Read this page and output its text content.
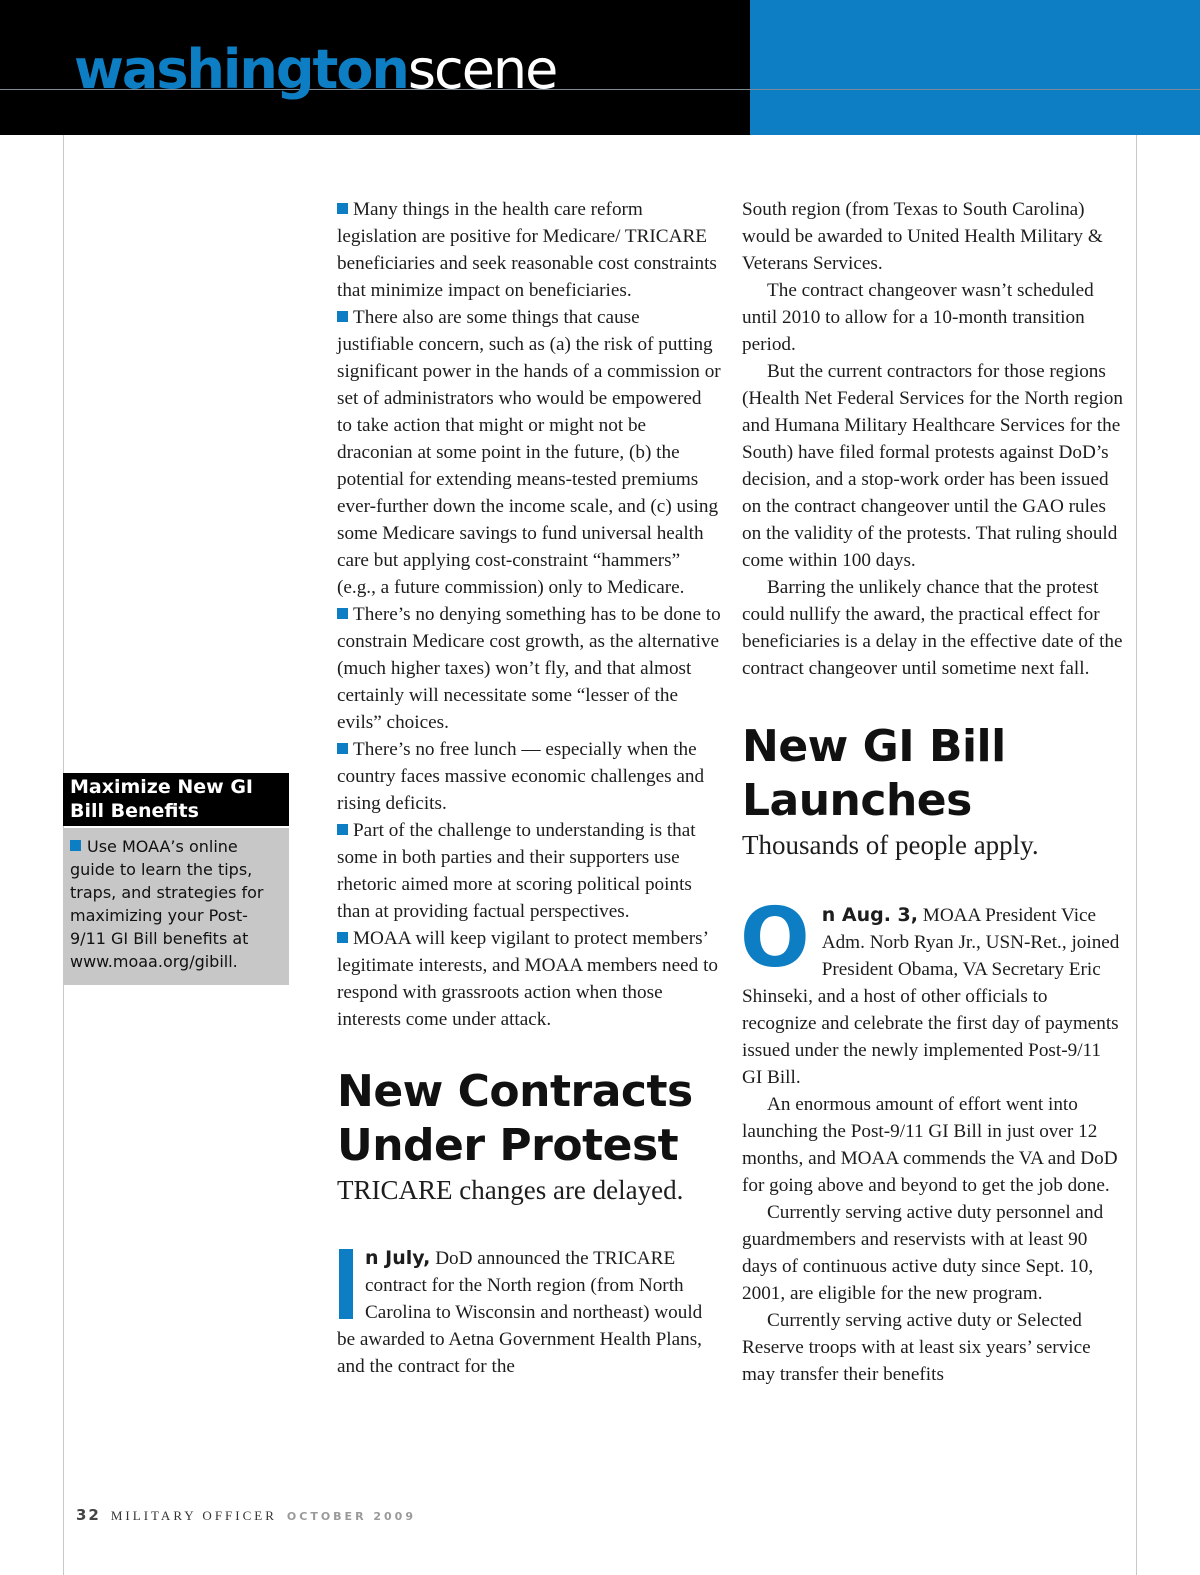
washingtonscene
Maximize New GI Bill Benefits
Use MOAA’s online guide to learn the tips, traps, and strategies for maximizing your Post-9/11 GI Bill benefits at www.moaa.org/gibill.

Many things in the health care reform legislation are positive for Medicare/ TRICARE beneficiaries and seek reasonable cost constraints that minimize impact on beneficiaries.

There also are some things that cause justifiable concern, such as (a) the risk of putting significant power in the hands of a commission or set of administrators who would be empowered to take action that might or might not be draconian at some point in the future, (b) the potential for extending means-tested premiums ever-further down the income scale, and (c) using some Medicare savings to fund universal health care but applying cost-constraint “hammers” (e.g., a future commission) only to Medicare.

There’s no denying something has to be done to constrain Medicare cost growth, as the alternative (much higher taxes) won’t fly, and that almost certainly will necessitate some “lesser of the evils” choices.

There’s no free lunch — especially when the country faces massive economic challenges and rising deficits.

Part of the challenge to understanding is that some in both parties and their supporters use rhetoric aimed more at scoring political points than at providing factual perspectives.

MOAA will keep vigilant to protect members’ legitimate interests, and MOAA members need to respond with grassroots action when those interests come under attack.

New Contracts Under Protest

TRICARE changes are delayed.

n July, DoD announced the TRICARE contract for the North region (from North Carolina to Wisconsin and northeast) would be awarded to Aetna Government Health Plans, and the contract for the

South region (from Texas to South Carolina) would be awarded to United Health Military & Veterans Services.

The contract changeover wasn’t scheduled until 2010 to allow for a 10-month transition period.

But the current contractors for those regions (Health Net Federal Services for the North region and Humana Military Healthcare Services for the South) have filed formal protests against DoD’s decision, and a stop-work order has been issued on the contract changeover until the GAO rules on the validity of the protests. That ruling should come within 100 days.

Barring the unlikely chance that the protest could nullify the award, the practical effect for beneficiaries is a delay in the effective date of the contract changeover until sometime next fall.

New GI Bill Launches

Thousands of people apply.

On Aug. 3, MOAA President Vice Adm. Norb Ryan Jr., USN-Ret., joined President Obama, VA Secretary Eric Shinseki, and a host of other officials to recognize and celebrate the first day of payments issued under the newly implemented Post-9/11 GI Bill.

An enormous amount of effort went into launching the Post-9/11 GI Bill in just over 12 months, and MOAA commends the VA and DoD for going above and beyond to get the job done.

Currently serving active duty personnel and guardmembers and reservists with at least 90 days of continuous active duty since Sept. 10, 2001, are eligible for the new program.

Currently serving active duty or Selected Reserve troops with at least six years’ service may transfer their benefits

32 MILITARY OFFICER OCTOBER 2009
